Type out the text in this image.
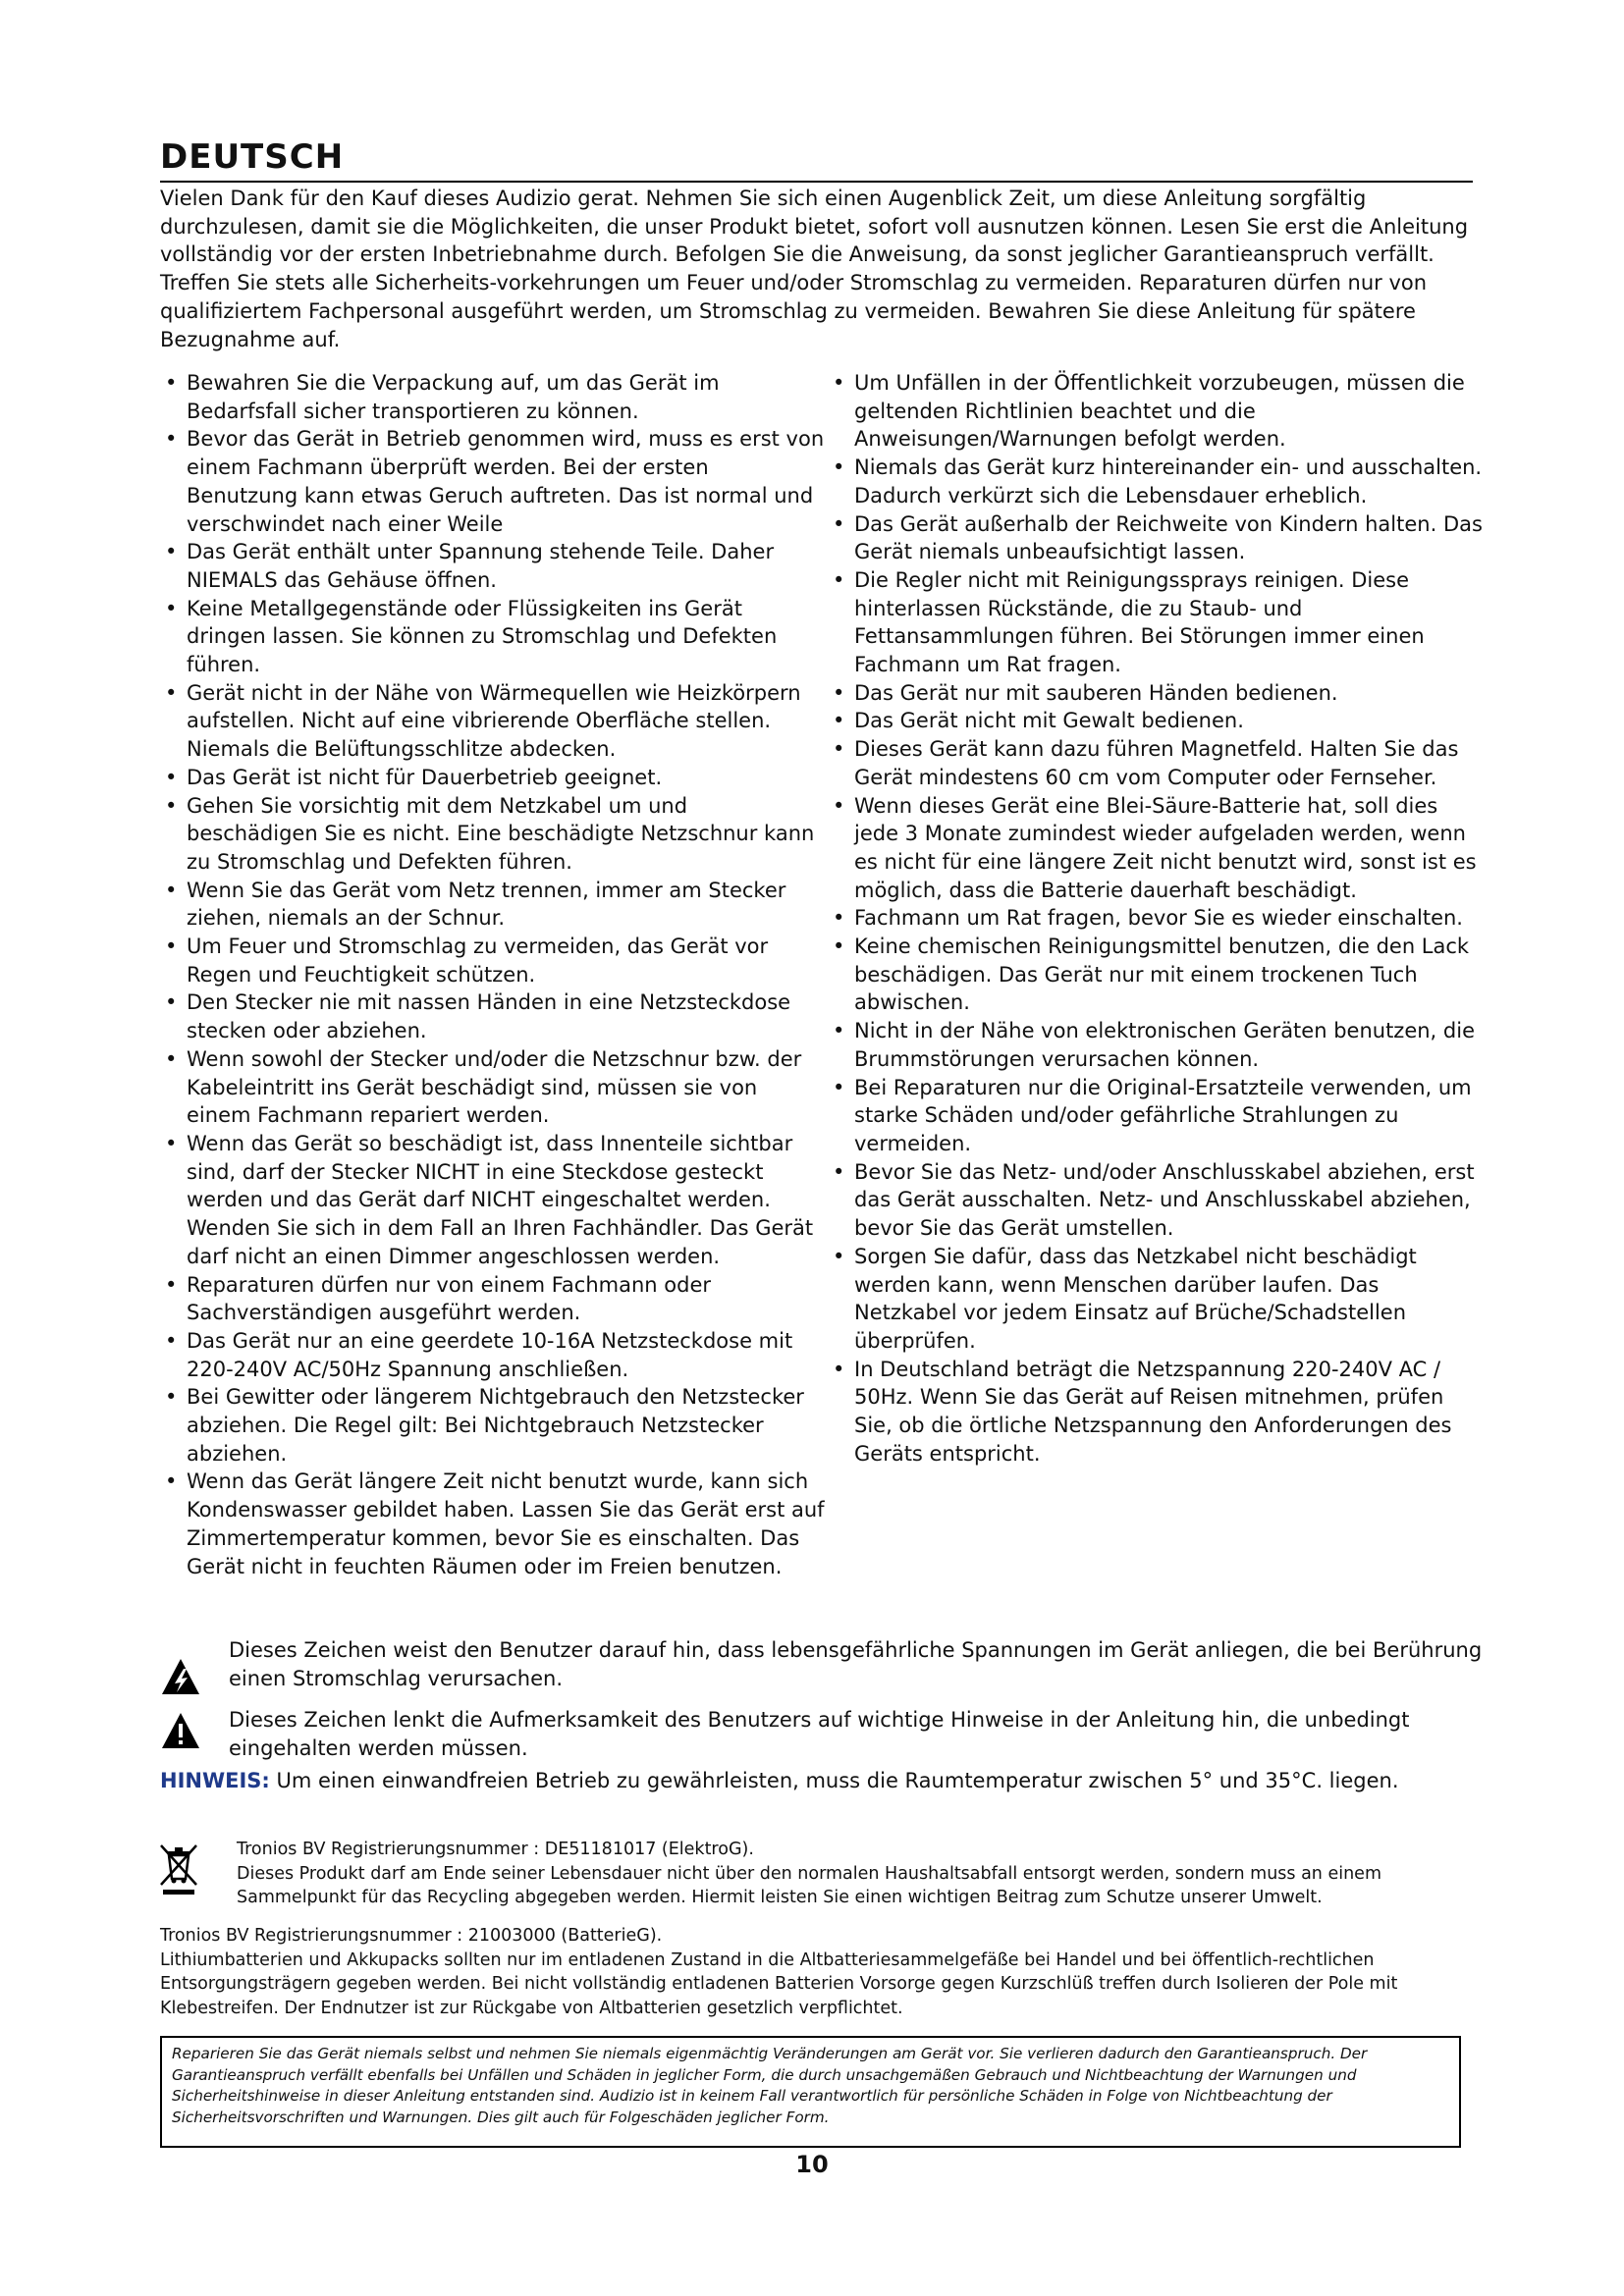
DEUTSCH
Vielen Dank für den Kauf dieses Audizio gerat. Nehmen Sie sich einen Augenblick Zeit, um diese Anleitung sorgfältig durchzulesen, damit sie die Möglichkeiten, die unser Produkt bietet, sofort voll ausnutzen können. Lesen Sie erst die Anleitung vollständig vor der ersten Inbetriebnahme durch. Befolgen Sie die Anweisung, da sonst jeglicher Garantieanspruch verfällt. Treffen Sie stets alle Sicherheits-vorkehrungen um Feuer und/oder Stromschlag zu vermeiden. Reparaturen dürfen nur von qualifiziertem Fachpersonal ausgeführt werden, um Stromschlag zu vermeiden. Bewahren Sie diese Anleitung für spätere Bezugnahme auf.
• Bewahren Sie die Verpackung auf, um das Gerät im Bedarfsfall sicher transportieren zu können.
• Bevor das Gerät in Betrieb genommen wird, muss es erst von einem Fachmann überprüft werden. Bei der ersten Benutzung kann etwas Geruch auftreten. Das ist normal und verschwindet nach einer Weile
• Das Gerät enthält unter Spannung stehende Teile. Daher NIEMALS das Gehäuse öffnen.
• Keine Metallgegenstände oder Flüssigkeiten ins Gerät dringen lassen. Sie können zu Stromschlag und Defekten führen.
• Gerät nicht in der Nähe von Wärmequellen wie Heizkörpern aufstellen. Nicht auf eine vibrierende Oberfläche stellen. Niemals die Belüftungsschlitze abdecken.
• Das Gerät ist nicht für Dauerbetrieb geeignet.
• Gehen Sie vorsichtig mit dem Netzkabel um und beschädigen Sie es nicht. Eine beschädigte Netzschnur kann zu Stromschlag und Defekten führen.
• Wenn Sie das Gerät vom Netz trennen, immer am Stecker ziehen, niemals an der Schnur.
• Um Feuer und Stromschlag zu vermeiden, das Gerät vor Regen und Feuchtigkeit schützen.
• Den Stecker nie mit nassen Händen in eine Netzsteckdose stecken oder abziehen.
• Wenn sowohl der Stecker und/oder die Netzschnur bzw. der Kabeleintritt ins Gerät beschädigt sind, müssen sie von einem Fachmann repariert werden.
• Wenn das Gerät so beschädigt ist, dass Innenteile sichtbar sind, darf der Stecker NICHT in eine Steckdose gesteckt werden und das Gerät darf NICHT eingeschaltet werden. Wenden Sie sich in dem Fall an Ihren Fachhändler. Das Gerät darf nicht an einen Dimmer angeschlossen werden.
• Reparaturen dürfen nur von einem Fachmann oder Sachverständigen ausgeführt werden.
• Das Gerät nur an eine geerdete 10-16A Netzsteckdose mit 220-240V AC/50Hz Spannung anschließen.
• Bei Gewitter oder längerem Nichtgebrauch den Netzstecker abziehen. Die Regel gilt: Bei Nichtgebrauch Netzstecker abziehen.
• Wenn das Gerät längere Zeit nicht benutzt wurde, kann sich Kondenswasser gebildet haben. Lassen Sie das Gerät erst auf Zimmertemperatur kommen, bevor Sie es einschalten. Das Gerät nicht in feuchten Räumen oder im Freien benutzen.
• Um Unfällen in der Öffentlichkeit vorzubeugen, müssen die geltenden Richtlinien beachtet und die Anweisungen/Warnungen befolgt werden.
• Niemals das Gerät kurz hintereinander ein- und ausschalten. Dadurch verkürzt sich die Lebensdauer erheblich.
• Das Gerät außerhalb der Reichweite von Kindern halten. Das Gerät niemals unbeaufsichtigt lassen.
• Die Regler nicht mit Reinigungssprays reinigen. Diese hinterlassen Rückstände, die zu Staub- und Fettansammlungen führen. Bei Störungen immer einen Fachmann um Rat fragen.
• Das Gerät nur mit sauberen Händen bedienen.
• Das Gerät nicht mit Gewalt bedienen.
• Dieses Gerät kann dazu führen Magnetfeld. Halten Sie das Gerät mindestens 60 cm vom Computer oder Fernseher.
• Wenn dieses Gerät eine Blei-Säure-Batterie hat, soll dies jede 3 Monate zumindest wieder aufgeladen werden, wenn es nicht für eine längere Zeit nicht benutzt wird, sonst ist es möglich, dass die Batterie dauerhaft beschädigt.
• Fachmann um Rat fragen, bevor Sie es wieder einschalten.
• Keine chemischen Reinigungsmittel benutzen, die den Lack beschädigen. Das Gerät nur mit einem trockenen Tuch abwischen.
• Nicht in der Nähe von elektronischen Geräten benutzen, die Brummstörungen verursachen können.
• Bei Reparaturen nur die Original-Ersatzteile verwenden, um starke Schäden und/oder gefährliche Strahlungen zu vermeiden.
• Bevor Sie das Netz- und/oder Anschlusskabel abziehen, erst das Gerät ausschalten. Netz- und Anschlusskabel abziehen, bevor Sie das Gerät umstellen.
• Sorgen Sie dafür, dass das Netzkabel nicht beschädigt werden kann, wenn Menschen darüber laufen. Das Netzkabel vor jedem Einsatz auf Brüche/Schadstellen überprüfen.
• In Deutschland beträgt die Netzspannung 220-240V AC / 50Hz. Wenn Sie das Gerät auf Reisen mitnehmen, prüfen Sie, ob die örtliche Netzspannung den Anforderungen des Geräts entspricht.
Dieses Zeichen weist den Benutzer darauf hin, dass lebensgefährliche Spannungen im Gerät anliegen, die bei Berührung einen Stromschlag verursachen.
Dieses Zeichen lenkt die Aufmerksamkeit des Benutzers auf wichtige Hinweise in der Anleitung hin, die unbedingt eingehalten werden müssen.
HINWEIS: Um einen einwandfreien Betrieb zu gewährleisten, muss die Raumtemperatur zwischen 5° und 35°C. liegen.
Tronios BV Registrierungsnummer : DE51181017 (ElektroG).
Dieses Produkt darf am Ende seiner Lebensdauer nicht über den normalen Haushaltsabfall entsorgt werden, sondern muss an einem Sammelpunkt für das Recycling abgegeben werden. Hiermit leisten Sie einen wichtigen Beitrag zum Schutze unserer Umwelt.
Tronios BV Registrierungsnummer : 21003000 (BatterieG).
Lithiumbatterien und Akkupacks sollten nur im entladenen Zustand in die Altbatteriesammelgefäße bei Handel und bei öffentlich-rechtlichen Entsorgungsträgern gegeben werden. Bei nicht vollständig entladenen Batterien Vorsorge gegen Kurzschlüß treffen durch Isolieren der Pole mit Klebestreifen. Der Endnutzer ist zur Rückgabe von Altbatterien gesetzlich verpflichtet.
Reparieren Sie das Gerät niemals selbst und nehmen Sie niemals eigenmächtig Veränderungen am Gerät vor. Sie verlieren dadurch den Garantieanspruch. Der Garantieanspruch verfällt ebenfalls bei Unfällen und Schäden in jeglicher Form, die durch unsachgemäßen Gebrauch und Nichtbeachtung der Warnungen und Sicherheitshinweise in dieser Anleitung entstanden sind. Audizio ist in keinem Fall verantwortlich für persönliche Schäden in Folge von Nichtbeachtung der Sicherheitsvorschriften und Warnungen. Dies gilt auch für Folgeschäden jeglicher Form.
10
